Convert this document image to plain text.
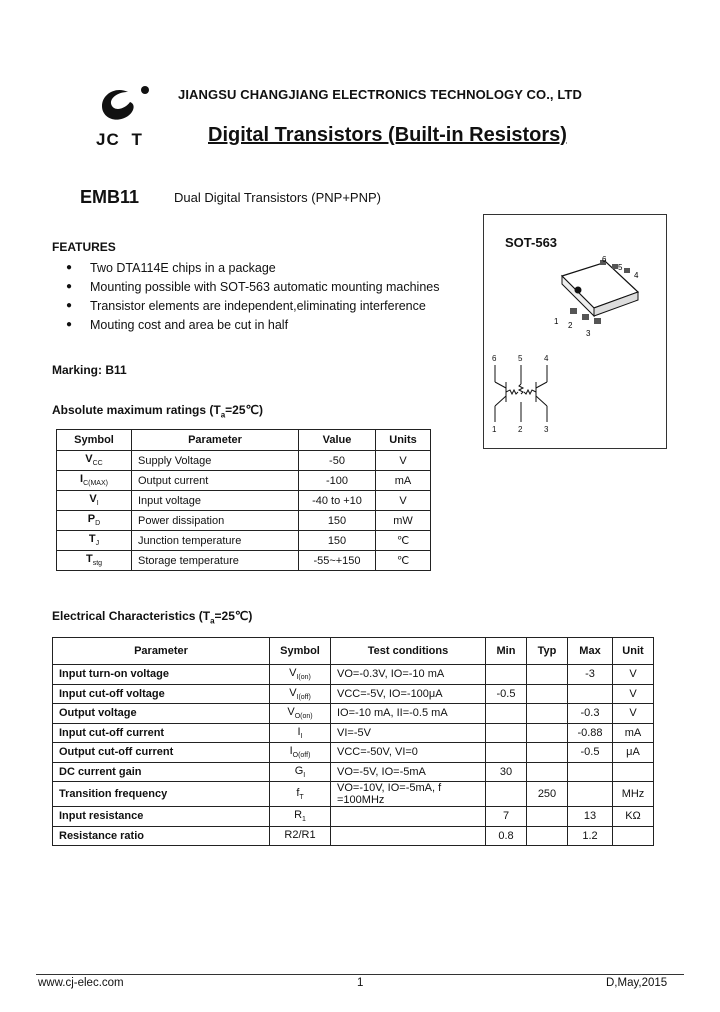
JC T
JIANGSU CHANGJIANG ELECTRONICS TECHNOLOGY CO., LTD
Digital Transistors (Built-in Resistors)
EMB11	Dual Digital Transistors (PNP+PNP)
FEATURES
●	Two DTA114E chips in a package
●	Mounting possible with SOT-563 automatic mounting machines
●	Transistor elements are independent,eliminating interference
●	Mouting cost and area be cut in half
Marking: B11
SOT-563
6
5
4
1 2
3
6	5	4
1	2	3
Absolute maximum ratings $(T_a=25℃)$
Symbol	Parameter	Value	Units
$V_{CC}$	Supply Voltage	-50	V
$I_{C(MAX)}$	Output current	-100	mA
$V_I$	Input voltage	-40 to +10	V
$P_D$	Power dissipation	150	mW
$T_J$	Junction temperature	150	℃
$T_{stg}$	Storage temperature	-55~+150	℃
Electrical Characteristics $(T_a=25℃)$
Parameter	Symbol	Test conditions	Min	Typ	Max	Unit
Input turn-on voltage	$V_{I(on)}$	VO=-0.3V, IO=-10 mA			-3	V
Input cut-off voltage	$V_{I(off)}$	VCC=-5V, IO=-100μA	-0.5			V
Output voltage	$V_{O(on)}$	IO=-10 mA, II=-0.5 mA			-0.3	V
Input cut-off current	$I_I$	VI=-5V			-0.88	mA
Output cut-off current	$I_{O(off)}$	VCC=-50V, VI=0			-0.5	μA
DC current gain	$G_I$	VO=-5V, IO=-5mA	30			
Transition frequency	$f_T$	VO=-10V, IO=-5mA, f =100MHz		250		MHz
Input resistance	$R_1$		7		13	KΩ
Resistance ratio	R2/R1		0.8		1.2	
www.cj-elec.com	1	D,May,2015
